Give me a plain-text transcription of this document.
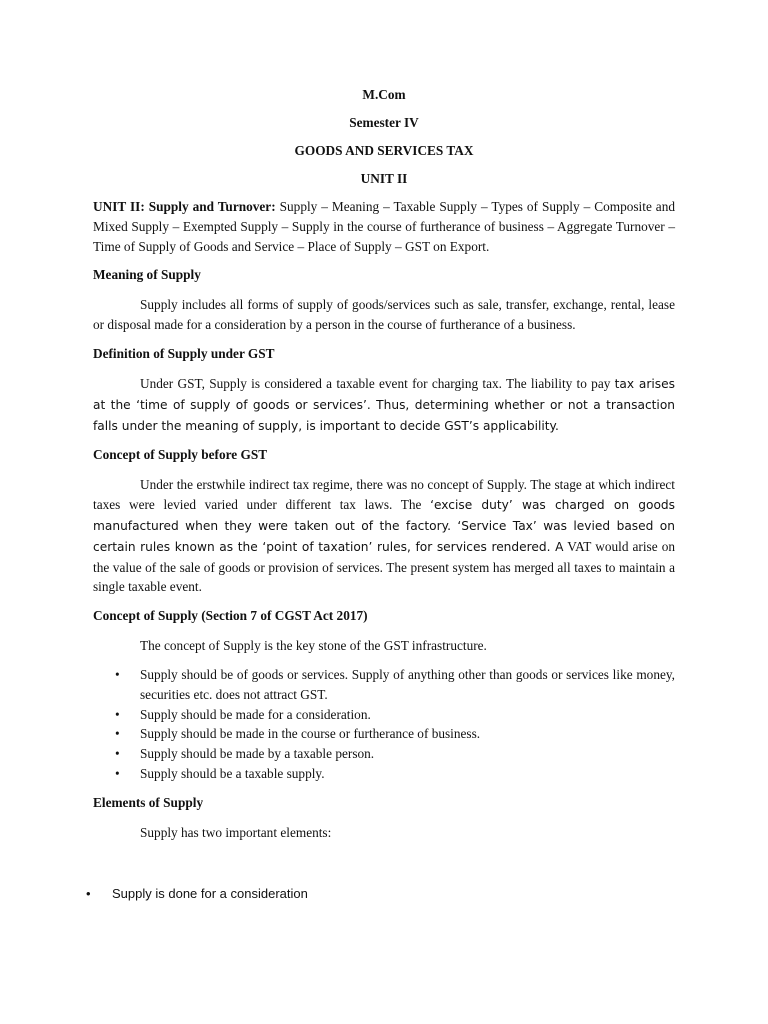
M.Com
Semester IV
GOODS AND SERVICES TAX
UNIT II

UNIT II: Supply and Turnover: Supply – Meaning – Taxable Supply – Types of Supply – Composite and Mixed Supply – Exempted Supply – Supply in the course of furtherance of business – Aggregate Turnover – Time of Supply of Goods and Service – Place of Supply – GST on Export.

Meaning of Supply

Supply includes all forms of supply of goods/services such as sale, transfer, exchange, rental, lease or disposal made for a consideration by a person in the course of furtherance of a business.

Definition of Supply under GST

Under GST, Supply is considered a taxable event for charging tax. The liability to pay tax arises at the ‘time of supply of goods or services’. Thus, determining whether or not a transaction falls under the meaning of supply, is important to decide GST’s applicability.

Concept of Supply before GST

Under the erstwhile indirect tax regime, there was no concept of Supply. The stage at which indirect taxes were levied varied under different tax laws. The ‘excise duty’ was charged on goods manufactured when they were taken out of the factory. ‘Service Tax’ was levied based on certain rules known as the ‘point of taxation’ rules, for services rendered. A VAT would arise on the value of the sale of goods or provision of services. The present system has merged all taxes to maintain a single taxable event.

Concept of Supply (Section 7 of CGST Act 2017)

The concept of Supply is the key stone of the GST infrastructure.

• Supply should be of goods or services. Supply of anything other than goods or services like money, securities etc. does not attract GST.
• Supply should be made for a consideration.
• Supply should be made in the course or furtherance of business.
• Supply should be made by a taxable person.
• Supply should be a taxable supply.
Elements of Supply

Supply has two important elements:

• Supply is done for a consideration
